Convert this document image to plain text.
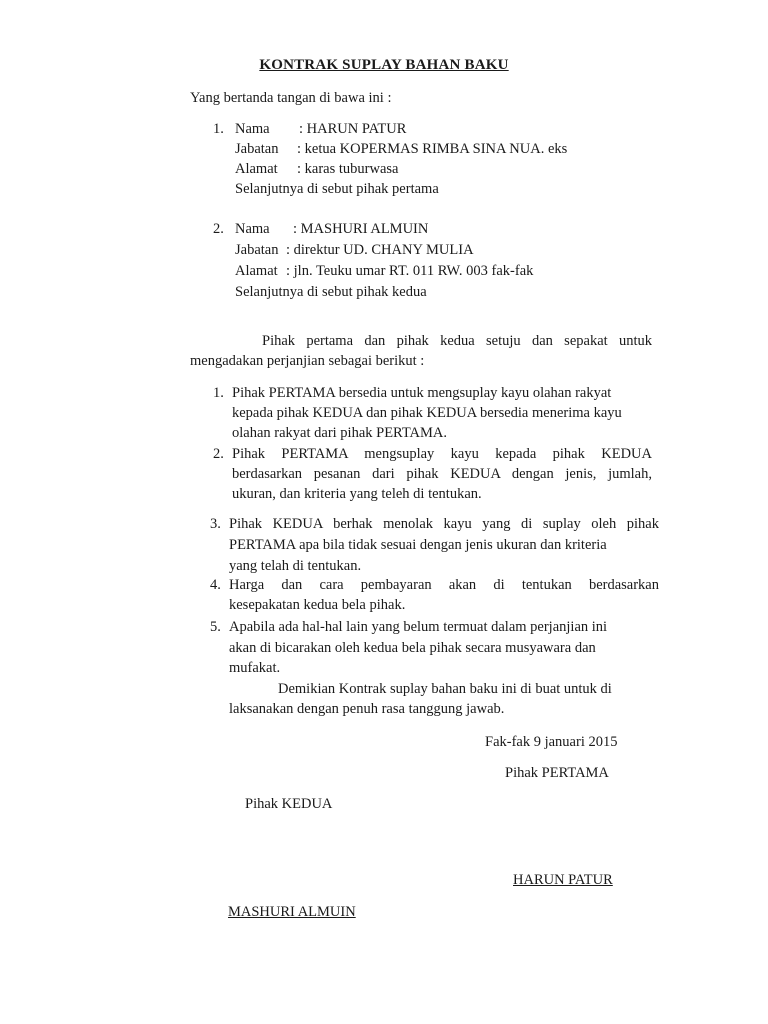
KONTRAK SUPLAY BAHAN BAKU
Yang bertanda tangan di bawa ini :
1. Nama : HARUN PATUR
Jabatan : ketua KOPERMAS RIMBA SINA NUA. eks
Alamat : karas tuburwasa
Selanjutnya di sebut pihak pertama
2. Nama : MASHURI ALMUIN
Jabatan : direktur UD. CHANY MULIA
Alamat : jln. Teuku umar RT. 011 RW. 003 fak-fak
Selanjutnya di sebut pihak kedua
Pihak pertama dan pihak kedua setuju dan sepakat untuk
mengadakan perjanjian sebagai berikut :
1. Pihak PERTAMA bersedia untuk mengsuplay kayu olahan rakyat
kepada pihak KEDUA dan pihak KEDUA bersedia menerima kayu
olahan rakyat dari pihak PERTAMA.
2. Pihak PERTAMA mengsuplay kayu kepada pihak KEDUA
berdasarkan pesanan dari pihak KEDUA dengan jenis, jumlah,
ukuran, dan kriteria yang teleh di tentukan.
3. Pihak KEDUA berhak menolak kayu yang di suplay oleh pihak
PERTAMA apa bila tidak sesuai dengan jenis ukuran dan kriteria
yang telah di tentukan.
4. Harga dan cara pembayaran akan di tentukan berdasarkan
kesepakatan kedua bela pihak.
5. Apabila ada hal-hal lain yang belum termuat dalam perjanjian ini
akan di bicarakan oleh kedua bela pihak secara musyawara dan
mufakat.
Demikian Kontrak suplay bahan baku ini di buat untuk di
laksanakan dengan penuh rasa tanggung jawab.
Fak-fak 9 januari 2015
Pihak PERTAMA
Pihak KEDUA
HARUN PATUR
MASHURI ALMUIN
